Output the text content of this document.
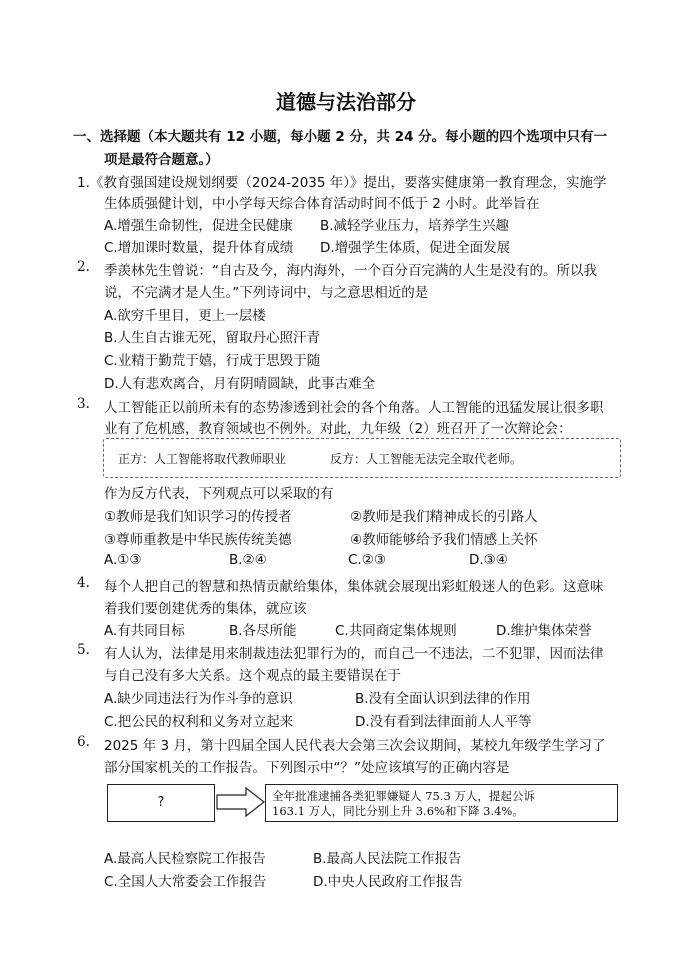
道德与法治部分
一、选择题（本大题共有 12 小题，每小题 2 分，共 24 分。每小题的四个选项中只有一
项是最符合题意。）
1.《教育强国建设规划纲要（2024-2035 年）》提出，要落实健康第一教育理念，实施学
生体质强健计划，中小学每天综合体育活动时间不低于 2 小时。此举旨在
A.增强生命韧性，促进全民健康 B.减轻学业压力，培养学生兴趣
C.增加课时数量，提升体育成绩 D.增强学生体质，促进全面发展
2. 季羡林先生曾说：“自古及今，海内海外，一个百分百完满的人生是没有的。所以我
说，不完满才是人生。”下列诗词中，与之意思相近的是
A.欲穷千里目，更上一层楼
B.人生自古谁无死，留取丹心照汗青
C.业精于勤荒于嬉，行成于思毁于随
D.人有悲欢离合，月有阴晴圆缺，此事古难全
3. 人工智能正以前所未有的态势渗透到社会的各个角落。人工智能的迅猛发展让很多职
业有了危机感，教育领域也不例外。对此，九年级（2）班召开了一次辩论会：
正方：人工智能将取代教师职业	反方：人工智能无法完全取代老师。
作为反方代表，下列观点可以采取的有
①教师是我们知识学习的传授者	②教师是我们精神成长的引路人
③尊师重教是中华民族传统美德	④教师能够给予我们情感上关怀
A.①③	B.②④	C.②③	D.③④
4. 每个人把自己的智慧和热情贡献给集体，集体就会展现出彩虹般迷人的色彩。这意味
着我们要创建优秀的集体，就应该
A.有共同目标	B.各尽所能	C.共同商定集体规则	D.维护集体荣誉
5. 有人认为，法律是用来制裁违法犯罪行为的，而自己一不违法，二不犯罪，因而法律
与自己没有多大关系。这个观点的最主要错误在于
A.缺少同违法行为作斗争的意识	B.没有全面认识到法律的作用
C.把公民的权利和义务对立起来	D.没有看到法律面前人人平等
6. 2025 年 3 月，第十四届全国人民代表大会第三次会议期间，某校九年级学生学习了
部分国家机关的工作报告。下列图示中“？”处应该填写的正确内容是
?	全年批准逮捕各类犯罪嫌疑人 75.3 万人，提起公诉
163.1 万人，同比分别上升 3.6%和下降 3.4%。
A.最高人民检察院工作报告	B.最高人民法院工作报告
C.全国人大常委会工作报告	D.中央人民政府工作报告
